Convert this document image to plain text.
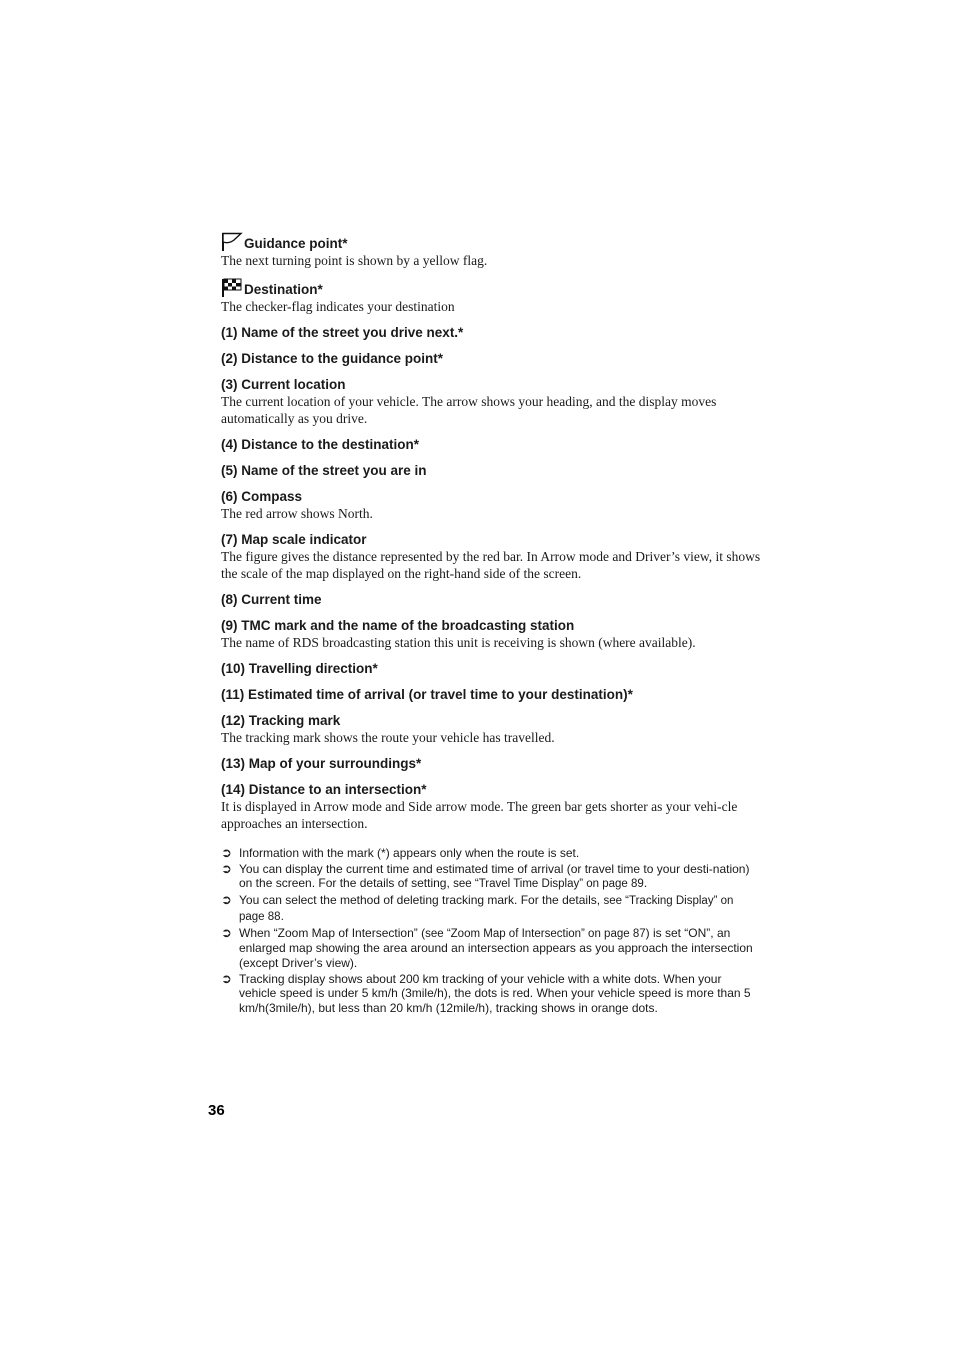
Guidance point*

The next turning point is shown by a yellow flag.

Destination*

The checker-flag indicates your destination

(1) Name of the street you drive next.*

(2) Distance to the guidance point*

(3) Current location

The current location of your vehicle. The arrow shows your heading, and the display moves automatically as you drive.

(4) Distance to the destination*

(5) Name of the street you are in

(6) Compass

The red arrow shows North.

(7) Map scale indicator

The figure gives the distance represented by the red bar. In Arrow mode and Driver’s view, it shows the scale of the map displayed on the right-hand side of the screen.

(8) Current time

(9) TMC mark and the name of the broadcasting station

The name of RDS broadcasting station this unit is receiving is shown (where available).

(10) Travelling direction*

(11) Estimated time of arrival (or travel time to your destination)*

(12) Tracking mark

The tracking mark shows the route your vehicle has travelled.

(13) Map of your surroundings*

(14) Distance to an intersection*

It is displayed in Arrow mode and Side arrow mode. The green bar gets shorter as your vehi-cle approaches an intersection.

➲ Information with the mark (*) appears only when the route is set.
➲ You can display the current time and estimated time of arrival (or travel time to your desti-nation) on the screen. For the details of setting, see “Travel Time Display” on page 89.
➲ You can select the method of deleting tracking mark. For the details, see “Tracking Display” on page 88.
➲ When “Zoom Map of Intersection” (see “Zoom Map of Intersection” on page 87) is set “ON”, an enlarged map showing the area around an intersection appears as you approach the intersection (except Driver’s view).
➲ Tracking display shows about 200 km tracking of your vehicle with a white dots. When your vehicle speed is under 5 km/h (3mile/h), the dots is red. When your vehicle speed is more than 5 km/h(3mile/h), but less than 20 km/h (12mile/h), tracking shows in orange dots.
36
